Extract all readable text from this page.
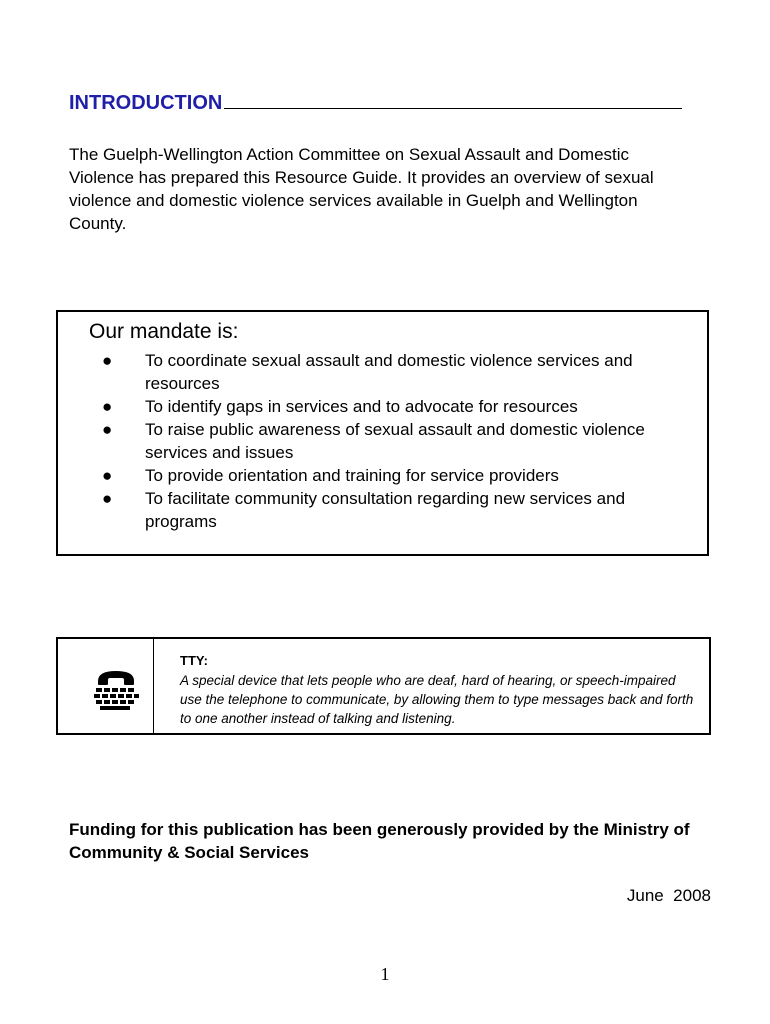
INTRODUCTION

The Guelph-Wellington Action Committee on Sexual Assault and Domestic Violence has prepared this Resource Guide. It provides an overview of sexual violence and domestic violence services available in Guelph and Wellington County.

Our mandate is:

● To coordinate sexual assault and domestic violence services and resources
● To identify gaps in services and to advocate for resources
● To raise public awareness of sexual assault and domestic violence services and issues
● To provide orientation and training for service providers
● To facilitate community consultation regarding new services and programs

TTY:

A special device that lets people who are deaf, hard of hearing, or speech-impaired use the telephone to communicate, by allowing them to type messages back and forth to one another instead of talking and listening.

Funding for this publication has been generously provided by the Ministry of Community & Social Services

June  2008

1
